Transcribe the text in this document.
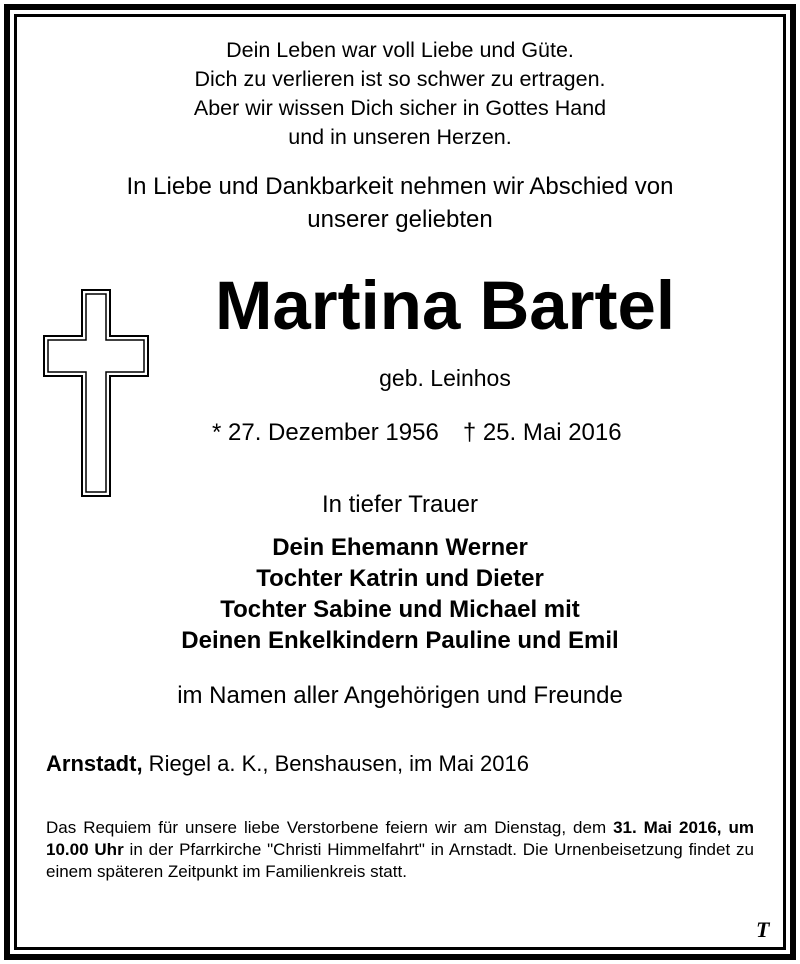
Dein Leben war voll Liebe und Güte.
Dich zu verlieren ist so schwer zu ertragen.
Aber wir wissen Dich sicher in Gottes Hand
und in unseren Herzen.
In Liebe und Dankbarkeit nehmen wir Abschied von
unserer geliebten
Martina Bartel
geb. Leinhos
* 27. Dezember 1956 † 25. Mai 2016
In tiefer Trauer
Dein Ehemann Werner
Tochter Katrin und Dieter
Tochter Sabine und Michael mit
Deinen Enkelkindern Pauline und Emil
im Namen aller Angehörigen und Freunde
Arnstadt, Riegel a. K., Benshausen, im Mai 2016
Das Requiem für unsere liebe Verstorbene feiern wir am Dienstag, dem 31. Mai 2016, um 10.00 Uhr in der Pfarrkirche "Christi Himmelfahrt" in Arnstadt. Die Urnenbeisetzung findet zu einem späteren Zeitpunkt im Familienkreis statt.
T
